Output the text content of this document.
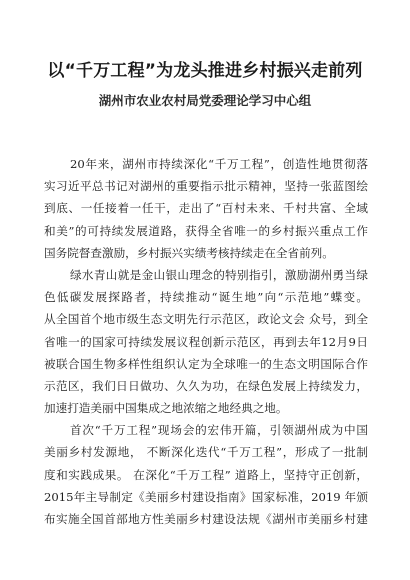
以“千万工程”为龙头推进乡村振兴走前列
湖州市农业农村局党委理论学习中心组
20年来，湖州市持续深化“千万工程”，创造性地贯彻落
实习近平总书记对湖州的重要指示批示精神，坚持一张蓝图绘
到底、一任接着一任干，走出了“百村未来、千村共富、全域
和美”的可持续发展道路，获得全省唯一的乡村振兴重点工作
国务院督查激励，乡村振兴实绩考核持续走在全省前列。
绿水青山就是金山银山理念的特别指引，激励湖州勇当绿
色低碳发展探路者，持续推动“诞生地”向“示范地”蝶变。
从全国首个地市级生态文明先行示范区，政论文会 众号，到全
省唯一的国家可持续发展议程创新示范区，再到去年12月9日
被联合国生物多样性组织认定为全球唯一的生态文明国际合作
示范区，我们日日做功、久久为功，在绿色发展上持续发力，
加速打造美丽中国集成之地浓缩之地经典之地。
首次“千万工程”现场会的宏伟开篇，引领湖州成为中国
美丽乡村发源地， 不断深化迭代“千万工程”，形成了一批制
度和实践成果。 在深化“千万工程” 道路上，坚持守正创新，
2015年主导制定《美丽乡村建设指南》国家标准，2019 年颁
布实施全国首部地方性美丽乡村建设法规《湖州市美丽乡村建
